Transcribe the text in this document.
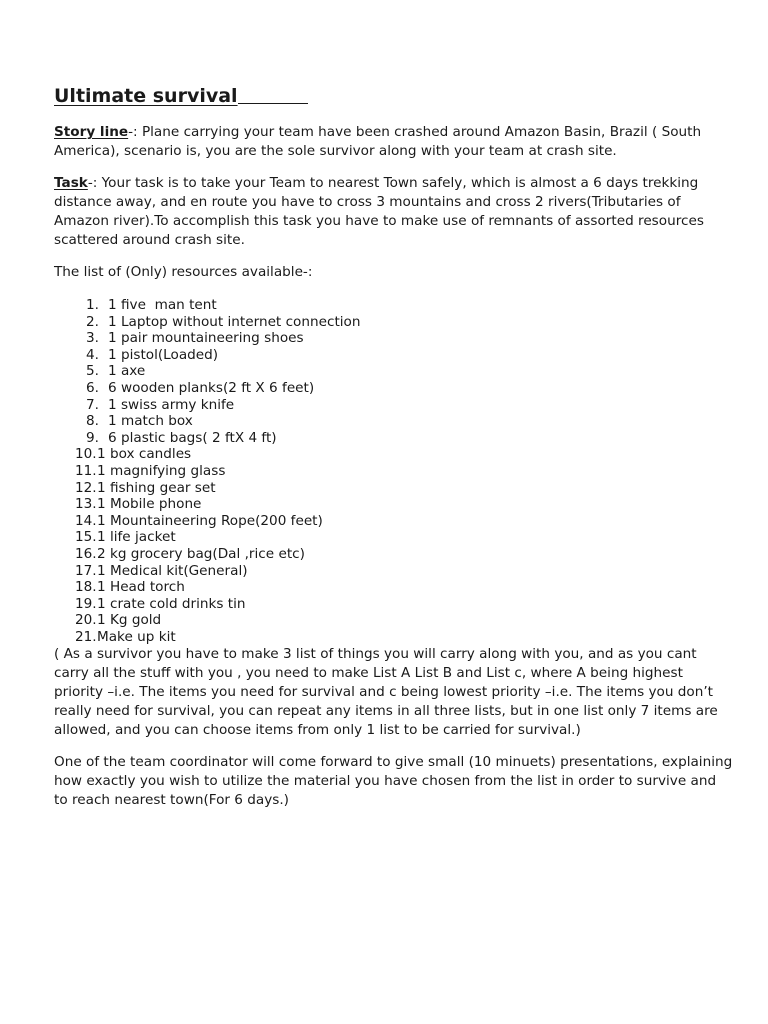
Ultimate survival

Story line-: Plane carrying your team have been crashed around Amazon Basin, Brazil ( South America), scenario is, you are the sole survivor along with your team at crash site.

Task-: Your task is to take your Team to nearest Town safely, which is almost a 6 days trekking distance away, and en route you have to cross 3 mountains and cross 2 rivers(Tributaries of Amazon river).To accomplish this task you have to make use of remnants of assorted resources scattered around crash site.

The list of (Only) resources available-:

1. 1 five  man tent
2. 1 Laptop without internet connection
3. 1 pair mountaineering shoes
4. 1 pistol(Loaded)
5. 1 axe
6. 6 wooden planks(2 ft X 6 feet)
7. 1 swiss army knife
8. 1 match box
9. 6 plastic bags( 2 ftX 4 ft)
10. 1 box candles
11. 1 magnifying glass
12. 1 fishing gear set
13. 1 Mobile phone
14. 1 Mountaineering Rope(200 feet)
15. 1 life jacket
16. 2 kg grocery bag(Dal ,rice etc)
17. 1 Medical kit(General)
18. 1 Head torch
19. 1 crate cold drinks tin
20. 1 Kg gold
21. Make up kit

( As a survivor you have to make 3 list of things you will carry along with you, and as you cant carry all the stuff with you , you need to make List A List B and List c, where A being highest priority –i.e. The items you need for survival and c being lowest priority –i.e. The items you don’t really need for survival, you can repeat any items in all three lists, but in one list only 7 items are allowed, and you can choose items from only 1 list to be carried for survival.)

One of the team coordinator will come forward to give small (10 minuets) presentations, explaining how exactly you wish to utilize the material you have chosen from the list in order to survive and to reach nearest town(For 6 days.)
